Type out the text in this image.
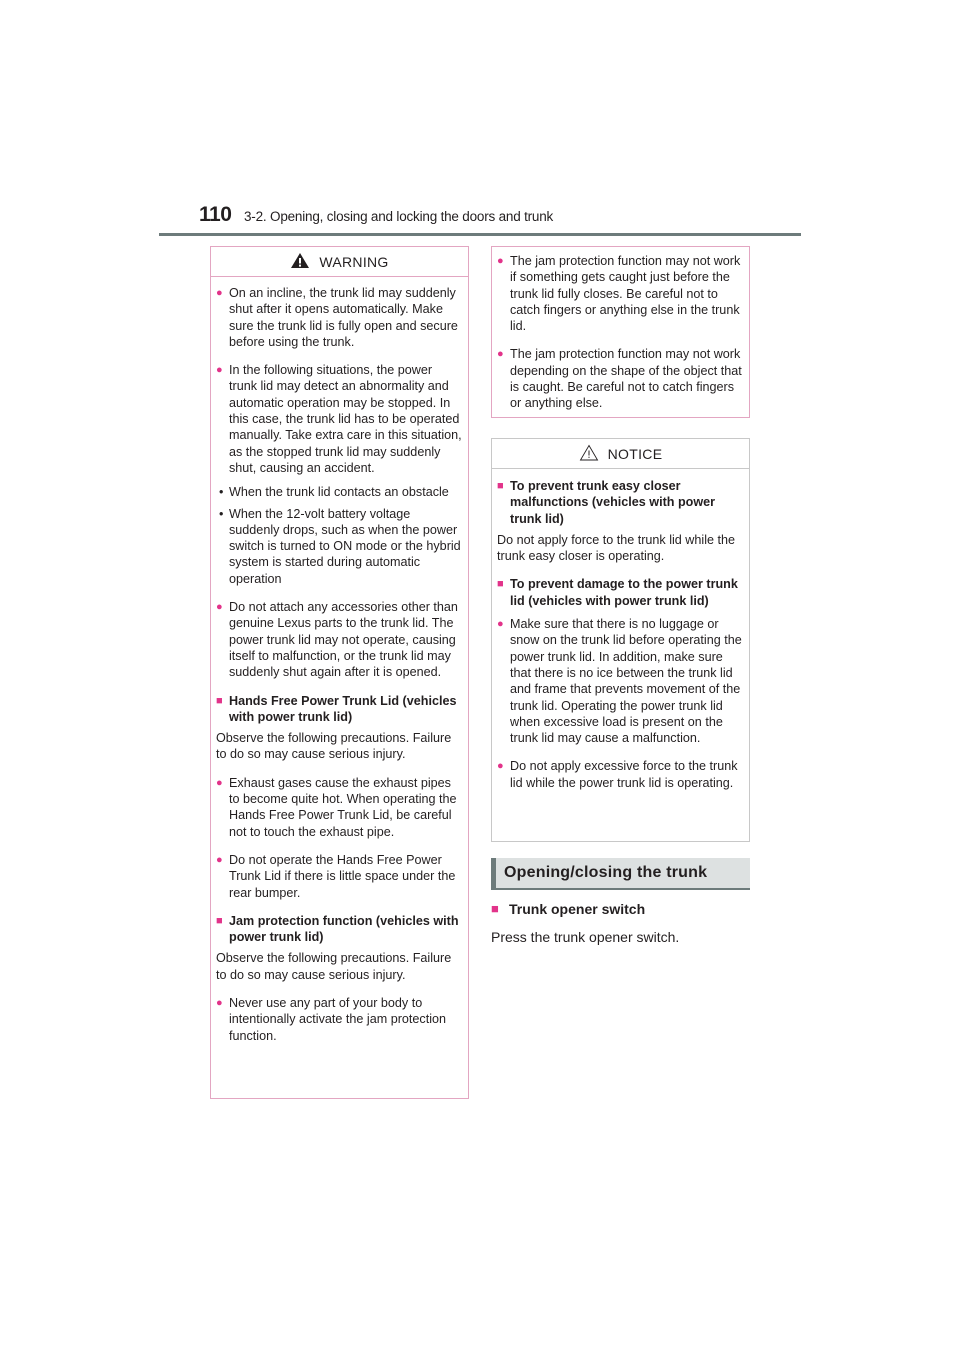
110 3-2. Opening, closing and locking the doors and trunk
WARNING
● On an incline, the trunk lid may suddenly shut after it opens automatically. Make sure the trunk lid is fully open and secure before using the trunk.
● In the following situations, the power trunk lid may detect an abnormality and automatic operation may be stopped. In this case, the trunk lid has to be operated manually. Take extra care in this situation, as the stopped trunk lid may suddenly shut, causing an accident.
• When the trunk lid contacts an obstacle
• When the 12-volt battery voltage suddenly drops, such as when the power switch is turned to ON mode or the hybrid system is started during automatic operation
● Do not attach any accessories other than genuine Lexus parts to the trunk lid. The power trunk lid may not operate, causing itself to malfunction, or the trunk lid may suddenly shut again after it is opened.
■ Hands Free Power Trunk Lid (vehicles with power trunk lid)
Observe the following precautions. Failure to do so may cause serious injury.
● Exhaust gases cause the exhaust pipes to become quite hot. When operating the Hands Free Power Trunk Lid, be careful not to touch the exhaust pipe.
● Do not operate the Hands Free Power Trunk Lid if there is little space under the rear bumper.
■ Jam protection function (vehicles with power trunk lid)
Observe the following precautions. Failure to do so may cause serious injury.
● Never use any part of your body to intentionally activate the jam protection function.
● The jam protection function may not work if something gets caught just before the trunk lid fully closes. Be careful not to catch fingers or anything else in the trunk lid.
● The jam protection function may not work depending on the shape of the object that is caught. Be careful not to catch fingers or anything else.
NOTICE
■ To prevent trunk easy closer malfunctions (vehicles with power trunk lid)
Do not apply force to the trunk lid while the trunk easy closer is operating.
■ To prevent damage to the power trunk lid (vehicles with power trunk lid)
● Make sure that there is no luggage or snow on the trunk lid before operating the power trunk lid. In addition, make sure that there is no ice between the trunk lid and frame that prevents movement of the trunk lid. Operating the power trunk lid when excessive load is present on the trunk lid may cause a malfunction.
● Do not apply excessive force to the trunk lid while the power trunk lid is operating.
Opening/closing the trunk
■ Trunk opener switch
Press the trunk opener switch.
